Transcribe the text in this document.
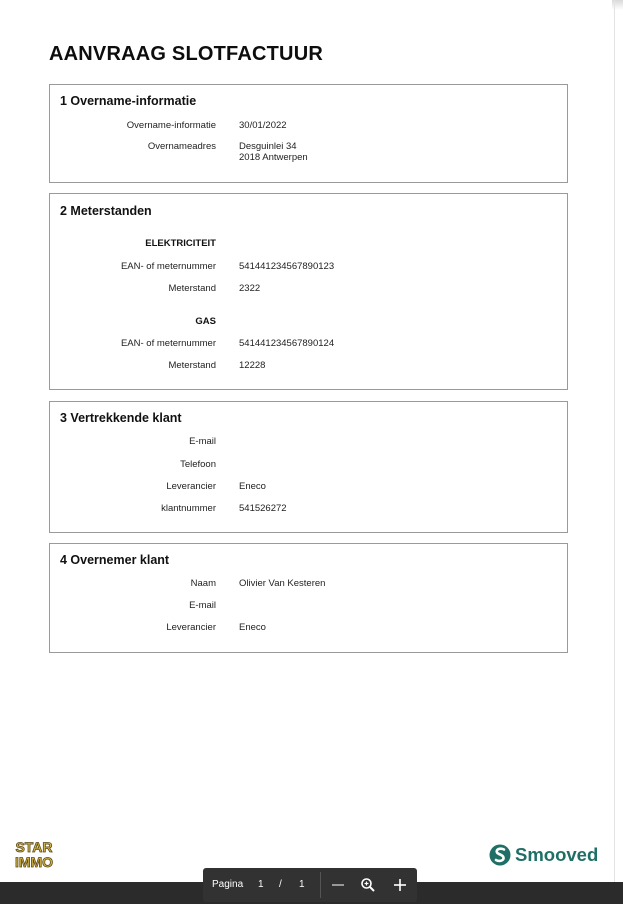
AANVRAAG SLOTFACTUUR
1 Overname-informatie
Overname-informatie 30/01/2022
Overnameadres Desguinlei 34
2018 Antwerpen
2 Meterstanden
ELEKTRICITEIT
EAN- of meternummer 541441234567890123
Meterstand 2322
GAS
EAN- of meternummer 541441234567890124
Meterstand 12228
3 Vertrekkende klant
E-mail
Telefoon
Leverancier Eneco
klantnummer 541526272
4 Overnemer klant
Naam Olivier Van Kesteren
E-mail
Leverancier Eneco
STAR
IMMO	Smooved
Pagina 1 / 1
